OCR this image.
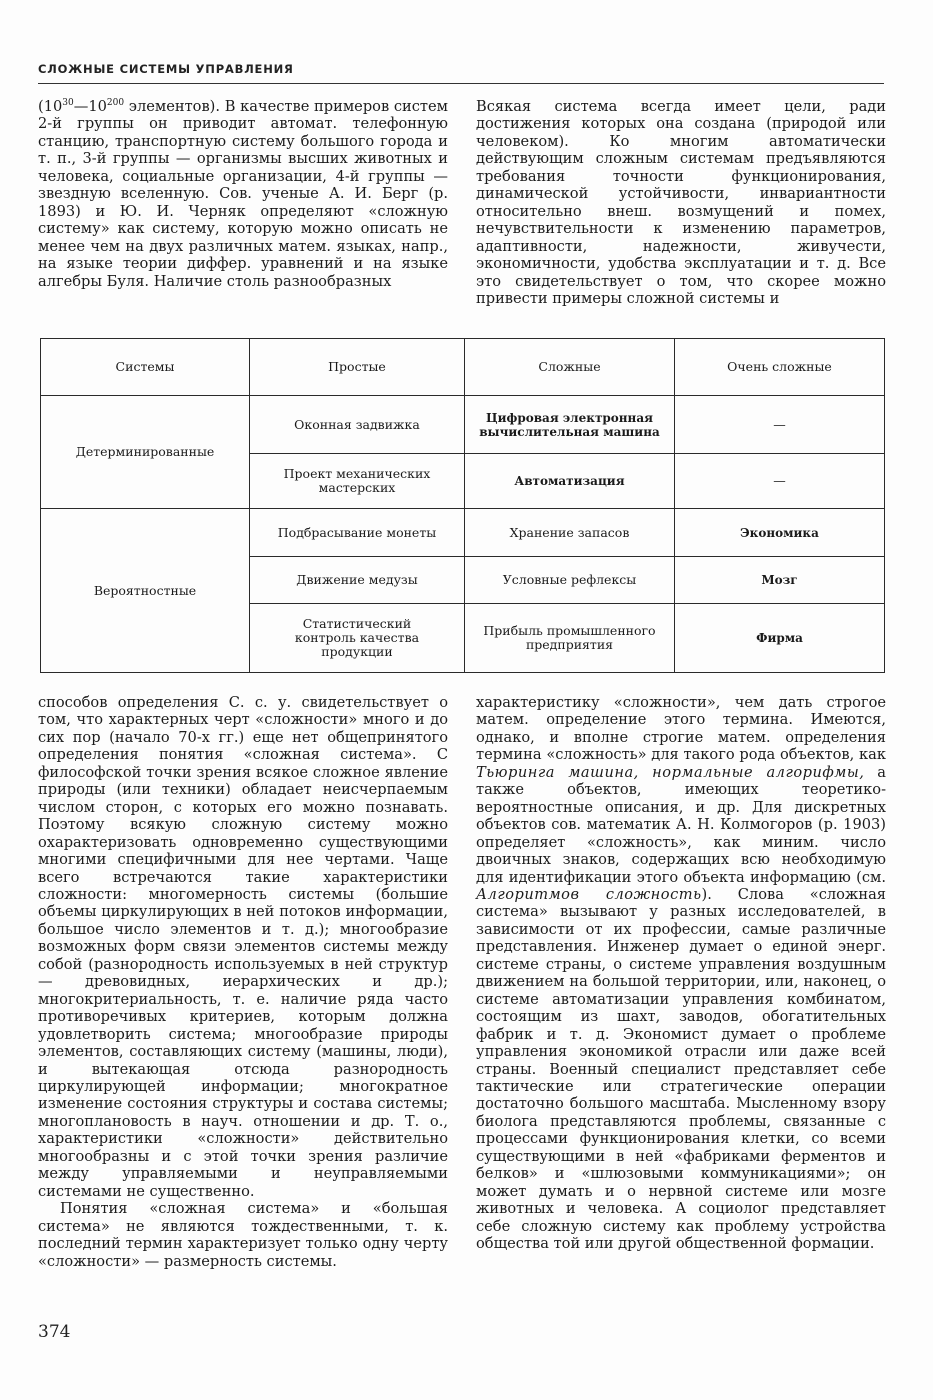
СЛОЖНЫЕ СИСТЕМЫ УПРАВЛЕНИЯ

($10^{30}—10^{200}$ элементов). В качестве примеров систем 2-й группы он приводит автомат. телефонную станцию, транспортную систему большого города и т. п., 3-й группы — организмы высших животных и человека, социальные организации, 4-й группы — звездную вселенную. Сов. ученые А. И. Берг (р. 1893) и Ю. И. Черняк определяют «сложную систему» как систему, которую можно описать не менее чем на двух различных матем. языках, напр., на языке теории диффер. уравнений и на языке алгебры Буля. Наличие столь разнообразных

Всякая система всегда имеет цели, ради достижения которых она создана (природой или человеком). Ко многим автоматически действующим сложным системам предъявляются требования точности функционирования, динамической устойчивости, инвариантности относительно внеш. возмущений и помех, нечувствительности к изменению параметров, адаптивности, надежности, живучести, экономичности, удобства эксплуатации и т. д. Все это свидетельствует о том, что скорее можно привести примеры сложной системы и

Системы	Простые	Сложные	Очень сложные
Детерминированные	Оконная задвижка	Цифровая электронная вычислительная машина	—
	Проект механических мастерских	Автоматизация	—
Вероятностные	Подбрасывание монеты	Хранение запасов	Экономика
	Движение медузы	Условные рефлексы	Мозг
	Статистический контроль качества продукции	Прибыль промышленного предприятия	Фирма

способов определения С. с. у. свидетельствует о том, что характерных черт «сложности» много и до сих пор (начало 70-х гг.) еще нет общепринятого определения понятия «сложная система». С философской точки зрения всякое сложное явление природы (или техники) обладает неисчерпаемым числом сторон, с которых его можно познавать. Поэтому всякую сложную систему можно охарактеризовать одновременно существующими многими специфичными для нее чертами. Чаще всего встречаются такие характеристики сложности: многомерность системы (большие объемы циркулирующих в ней потоков информации, большое число элементов и т. д.); многообразие возможных форм связи элементов системы между собой (разнородность используемых в ней структур — древовидных, иерархических и др.); многокритериальность, т. е. наличие ряда часто противоречивых критериев, которым должна удовлетворить система; многообразие природы элементов, составляющих систему (машины, люди), и вытекающая отсюда разнородность циркулирующей информации; многократное изменение состояния структуры и состава системы; многоплановость в науч. отношении и др. Т. о., характеристики «сложности» действительно многообразны и с этой точки зрения различие между управляемыми и неуправляемыми системами не существенно.

Понятия «сложная система» и «большая система» не являются тождественными, т. к. последний термин характеризует только одну черту «сложности» — размерность системы.

характеристику «сложности», чем дать строгое матем. определение этого термина. Имеются, однако, и вполне строгие матем. определения термина «сложность» для такого рода объектов, как Тьюринга машина, нормальные алгорифмы, а также объектов, имеющих теоретико-вероятностные описания, и др. Для дискретных объектов сов. математик А. Н. Колмогоров (р. 1903) определяет «сложность», как миним. число двоичных знаков, содержащих всю необходимую для идентификации этого объекта информацию (см. Алгоритмов сложность). Слова «сложная система» вызывают у разных исследователей, в зависимости от их профессии, самые различные представления. Инженер думает о единой энерг. системе страны, о системе управления воздушным движением на большой территории, или, наконец, о системе автоматизации управления комбинатом, состоящим из шахт, заводов, обогатительных фабрик и т. д. Экономист думает о проблеме управления экономикой отрасли или даже всей страны. Военный специалист представляет себе тактические или стратегические операции достаточно большого масштаба. Мысленному взору биолога представляются проблемы, связанные с процессами функционирования клетки, со всеми существующими в ней «фабриками ферментов и белков» и «шлюзовыми коммуникациями»; он может думать и о нервной системе или мозге животных и человека. А социолог представляет себе сложную систему как проблему устройства общества той или другой общественной формации.

374
